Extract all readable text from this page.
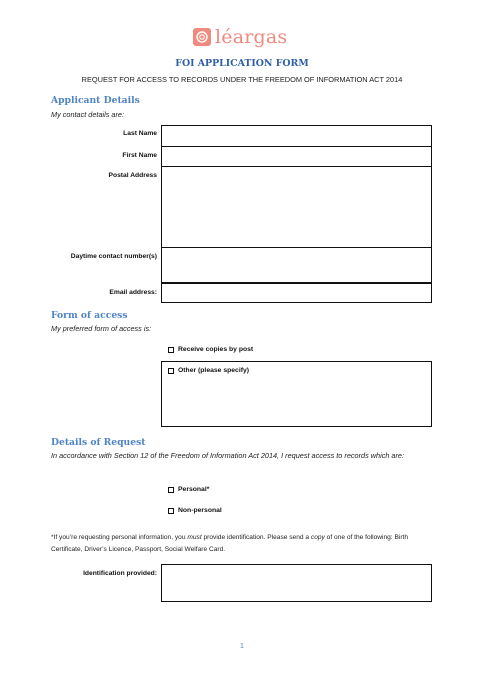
léargas
FOI APPLICATION FORM
REQUEST FOR ACCESS TO RECORDS UNDER THE FREEDOM OF INFORMATION ACT 2014
Applicant Details
My contact details are:
Last Name
First Name
Postal Address
Daytime contact number(s)
Email address:
Form of access
My preferred form of access is:
Receive copies by post
Other (please specify)
Details of Request
In accordance with Section 12 of the Freedom of Information Act 2014, I request access to records which are:
Personal*
Non-personal
*If you’re requesting personal information, you must provide identification. Please send a copy of one of the following: Birth Certificate, Driver’s Licence, Passport, Social Welfare Card.
Identification provided:
1
